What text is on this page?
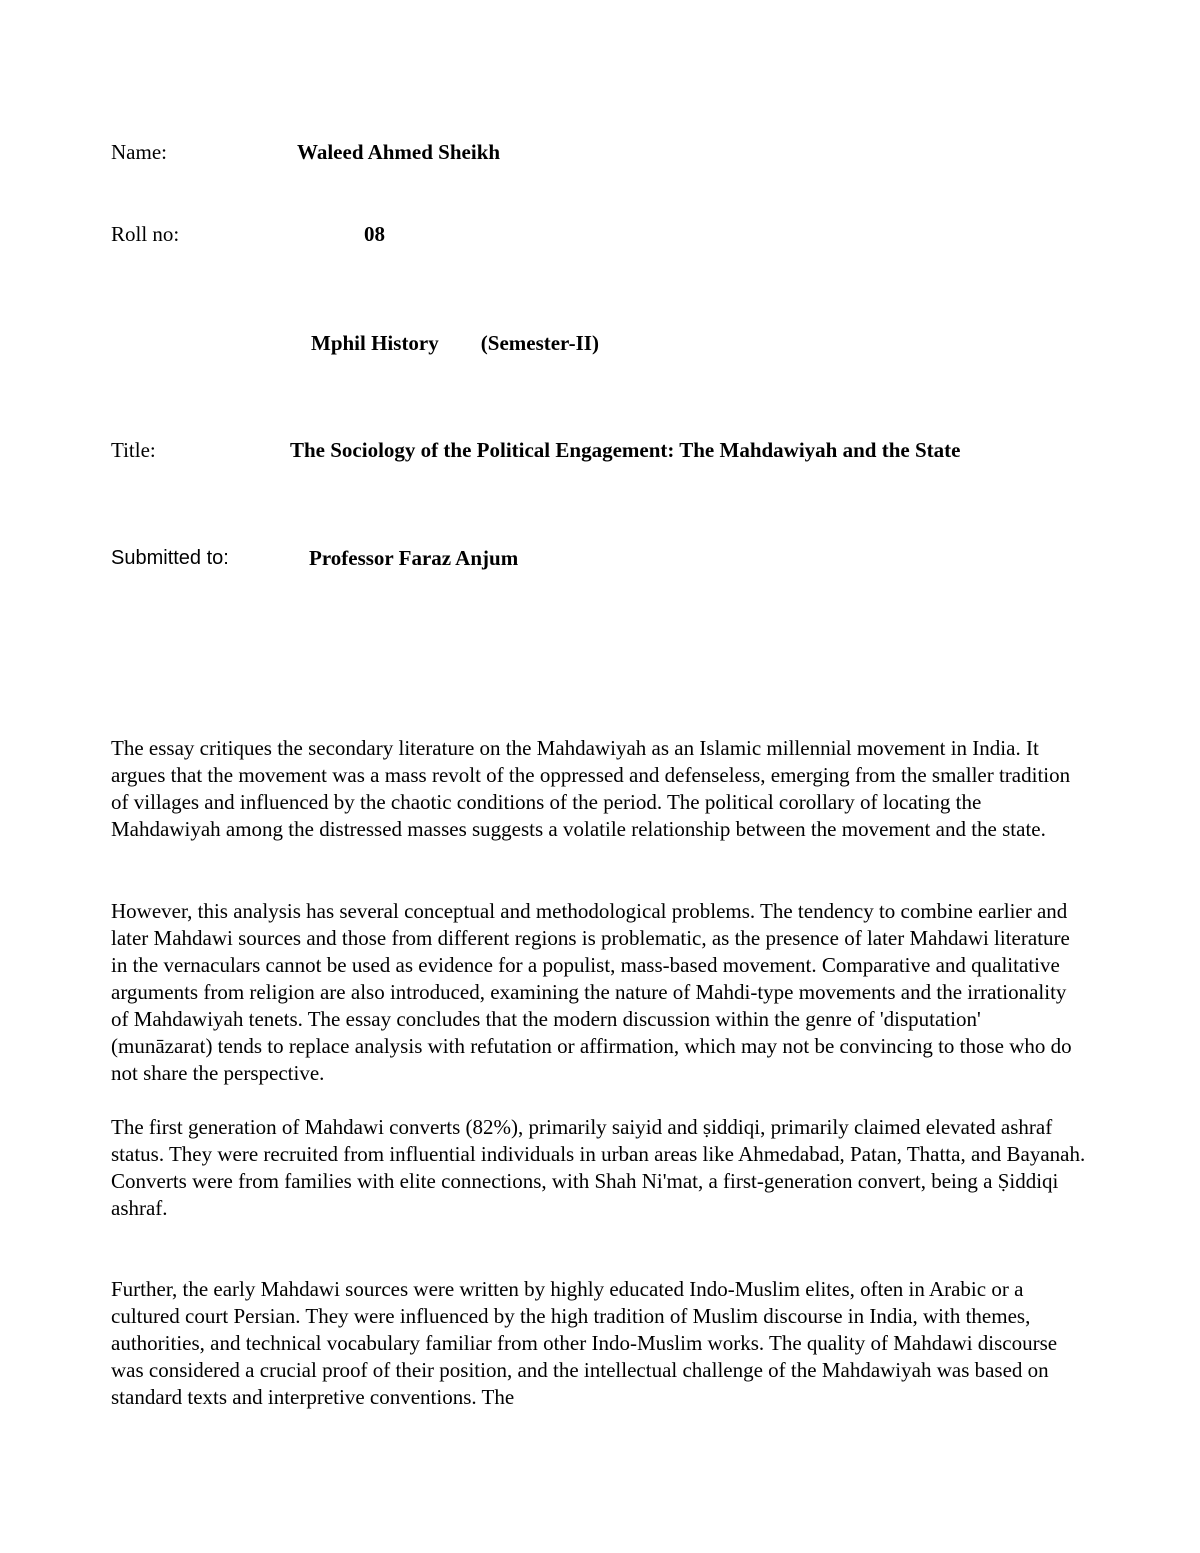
Name:	Waleed Ahmed Sheikh
Roll no:	08
Mphil History (Semester-II)
Title:	The Sociology of the Political Engagement: The Mahdawiyah and the State
Submitted to:	Professor Faraz Anjum

The essay critiques the secondary literature on the Mahdawiyah as an Islamic millennial movement in India. It argues that the movement was a mass revolt of the oppressed and defenseless, emerging from the smaller tradition of villages and influenced by the chaotic conditions of the period. The political corollary of locating the Mahdawiyah among the distressed masses suggests a volatile relationship between the movement and the state.

However, this analysis has several conceptual and methodological problems. The tendency to combine earlier and later Mahdawi sources and those from different regions is problematic, as the presence of later Mahdawi literature in the vernaculars cannot be used as evidence for a populist, mass-based movement. Comparative and qualitative arguments from religion are also introduced, examining the nature of Mahdi-type movements and the irrationality of Mahdawiyah tenets. The essay concludes that the modern discussion within the genre of 'disputation' (munāzarat) tends to replace analysis with refutation or affirmation, which may not be convincing to those who do not share the perspective.

The first generation of Mahdawi converts (82%), primarily saiyid and ṣiddiqi, primarily claimed elevated ashraf status. They were recruited from influential individuals in urban areas like Ahmedabad, Patan, Thatta, and Bayanah. Converts were from families with elite connections, with Shah Ni'mat, a first-generation convert, being a Ṣiddiqi ashraf.

Further, the early Mahdawi sources were written by highly educated Indo-Muslim elites, often in Arabic or a cultured court Persian. They were influenced by the high tradition of Muslim discourse in India, with themes, authorities, and technical vocabulary familiar from other Indo-Muslim works. The quality of Mahdawi discourse was considered a crucial proof of their position, and the intellectual challenge of the Mahdawiyah was based on standard texts and interpretive conventions. The
